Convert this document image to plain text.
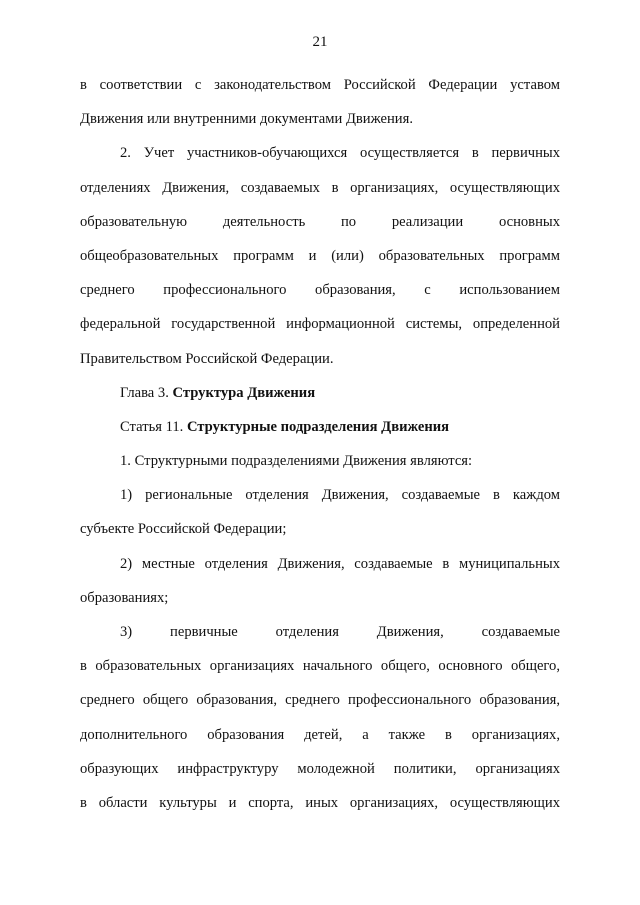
21
в соответствии с законодательством Российской Федерации уставом
Движения или внутренними документами Движения.
2. Учет участников-обучающихся осуществляется в первичных
отделениях Движения, создаваемых в организациях, осуществляющих
образовательную деятельность по реализации основных
общеобразовательных программ и (или) образовательных программ
среднего профессионального образования, с использованием
федеральной государственной информационной системы, определенной
Правительством Российской Федерации.
Глава 3. Структура Движения
Статья 11. Структурные подразделения Движения
1. Структурными подразделениями Движения являются:
1) региональные отделения Движения, создаваемые в каждом
субъекте Российской Федерации;
2) местные отделения Движения, создаваемые в муниципальных
образованиях;
3) первичные отделения Движения, создаваемые
в образовательных организациях начального общего, основного общего,
среднего общего образования, среднего профессионального образования,
дополнительного образования детей, а также в организациях,
образующих инфраструктуру молодежной политики, организациях
в области культуры и спорта, иных организациях, осуществляющих
